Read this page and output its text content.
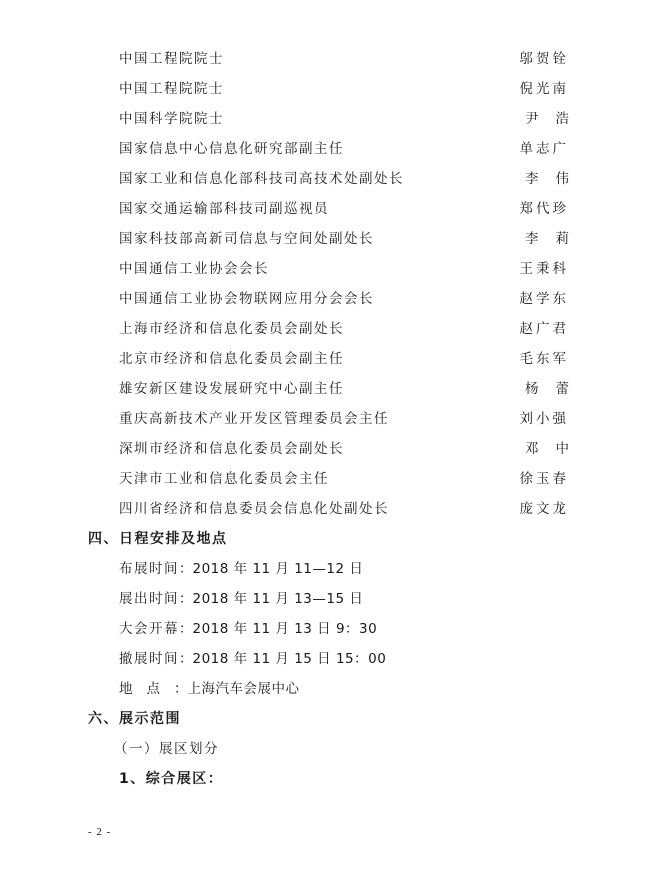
中国工程院院士	邬贺铨
中国工程院院士	倪光南
中国科学院院士	尹浩
国家信息中心信息化研究部副主任	单志广
国家工业和信息化部科技司高技术处副处长	李伟
国家交通运输部科技司副巡视员	郑代珍
国家科技部高新司信息与空间处副处长	李莉
中国通信工业协会会长	王秉科
中国通信工业协会物联网应用分会会长	赵学东
上海市经济和信息化委员会副处长	赵广君
北京市经济和信息化委员会副主任	毛东军
雄安新区建设发展研究中心副主任	杨蕾
重庆高新技术产业开发区管理委员会主任	刘小强
深圳市经济和信息化委员会副处长	邓中
天津市工业和信息化委员会主任	徐玉春
四川省经济和信息委员会信息化处副处长	庞文龙
四、日程安排及地点
布展时间：2018 年 11 月 11—12 日
展出时间：2018 年 11 月 13—15 日
大会开幕：2018 年 11 月 13 日 9：30
撤展时间：2018 年 11 月 15 日 15：00
地点：上海汽车会展中心
六、展示范围
（一）展区划分
1、综合展区：
- 2 -
